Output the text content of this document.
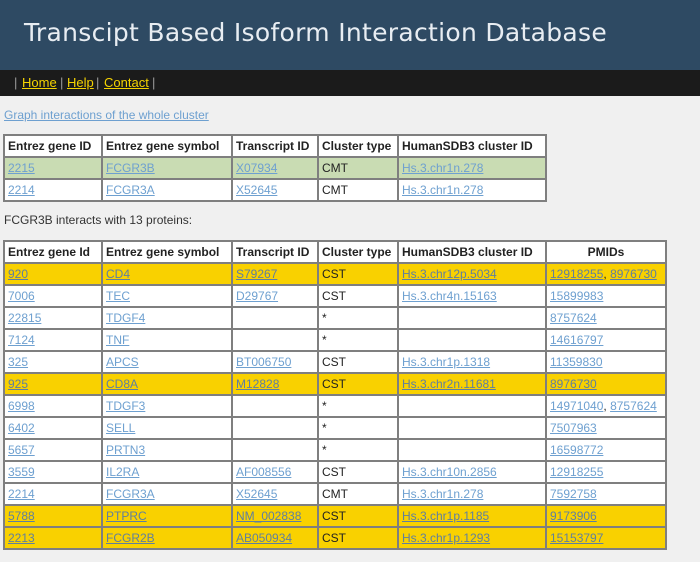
Transcipt Based Isoform Interaction Database
| Home | Help | Contact |
Graph interactions of the whole cluster
Entrez gene ID	Entrez gene symbol	Transcript ID	Cluster type	HumanSDB3 cluster ID
2215	FCGR3B	X07934	CMT	Hs.3.chr1n.278
2214	FCGR3A	X52645	CMT	Hs.3.chr1n.278
FCGR3B interacts with 13 proteins:
Entrez gene Id	Entrez gene symbol	Transcript ID	Cluster type	HumanSDB3 cluster ID	PMIDs
920	CD4	S79267	CST	Hs.3.chr12p.5034	12918255, 8976730
7006	TEC	D29767	CST	Hs.3.chr4n.15163	15899983
22815	TDGF4		*		8757624
7124	TNF		*		14616797
325	APCS	BT006750	CST	Hs.3.chr1p.1318	11359830
925	CD8A	M12828	CST	Hs.3.chr2n.11681	8976730
6998	TDGF3		*		14971040, 8757624
6402	SELL		*		7507963
5657	PRTN3		*		16598772
3559	IL2RA	AF008556	CST	Hs.3.chr10n.2856	12918255
2214	FCGR3A	X52645	CMT	Hs.3.chr1n.278	7592758
5788	PTPRC	NM_002838	CST	Hs.3.chr1p.1185	9173906
2213	FCGR2B	AB050934	CST	Hs.3.chr1p.1293	15153797
